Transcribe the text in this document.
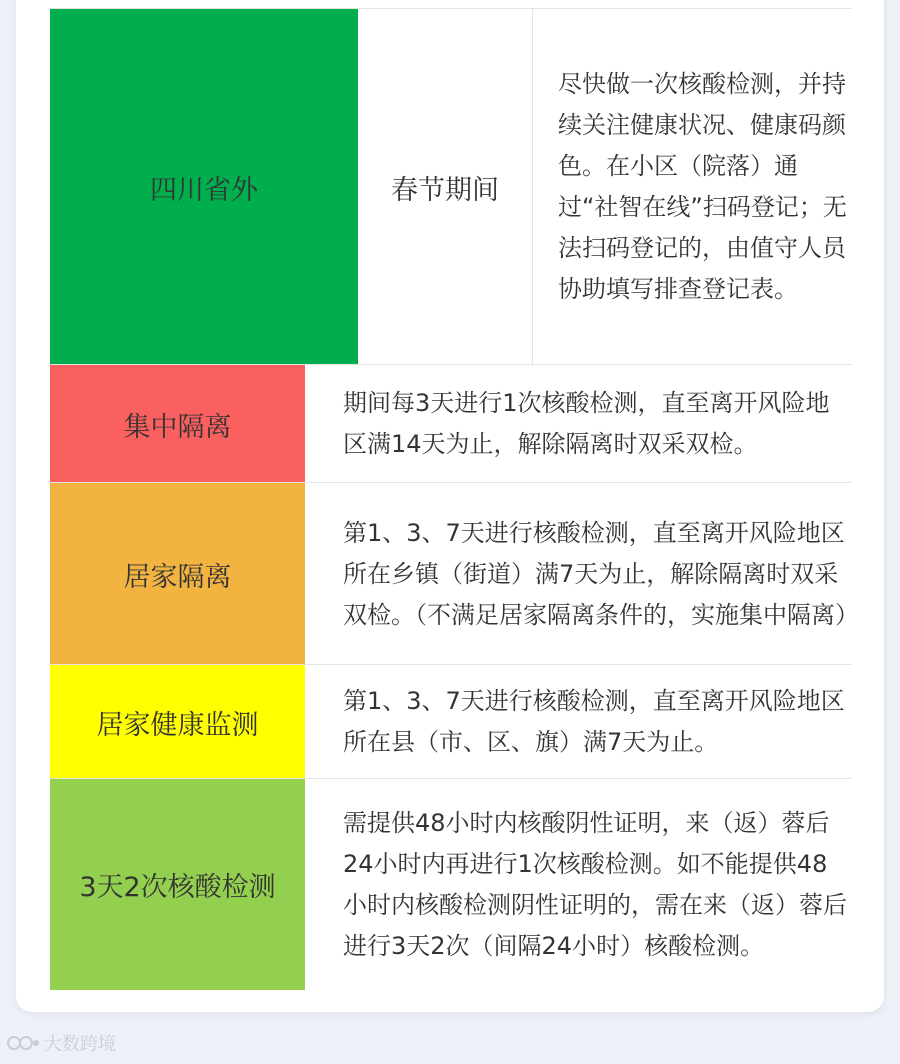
四川省外	春节期间
尽快做一次核酸检测，并持续关注健康状况、健康码颜色。在小区（院落）通过“社智在线”扫码登记；无法扫码登记的，由值守人员协助填写排查登记表。
集中隔离
期间每3天进行1次核酸检测，直至离开风险地区满14天为止，解除隔离时双采双检。
居家隔离
第1、3、7天进行核酸检测，直至离开风险地区所在乡镇（街道）满7天为止，解除隔离时双采双检。（不满足居家隔离条件的，实施集中隔离）
居家健康监测
第1、3、7天进行核酸检测，直至离开风险地区所在县（市、区、旗）满7天为止。
3天2次核酸检测
需提供48小时内核酸阴性证明，来（返）蓉后24小时内再进行1次核酸检测。如不能提供48小时内核酸检测阴性证明的，需在来（返）蓉后进行3天2次（间隔24小时）核酸检测。
大数跨境
